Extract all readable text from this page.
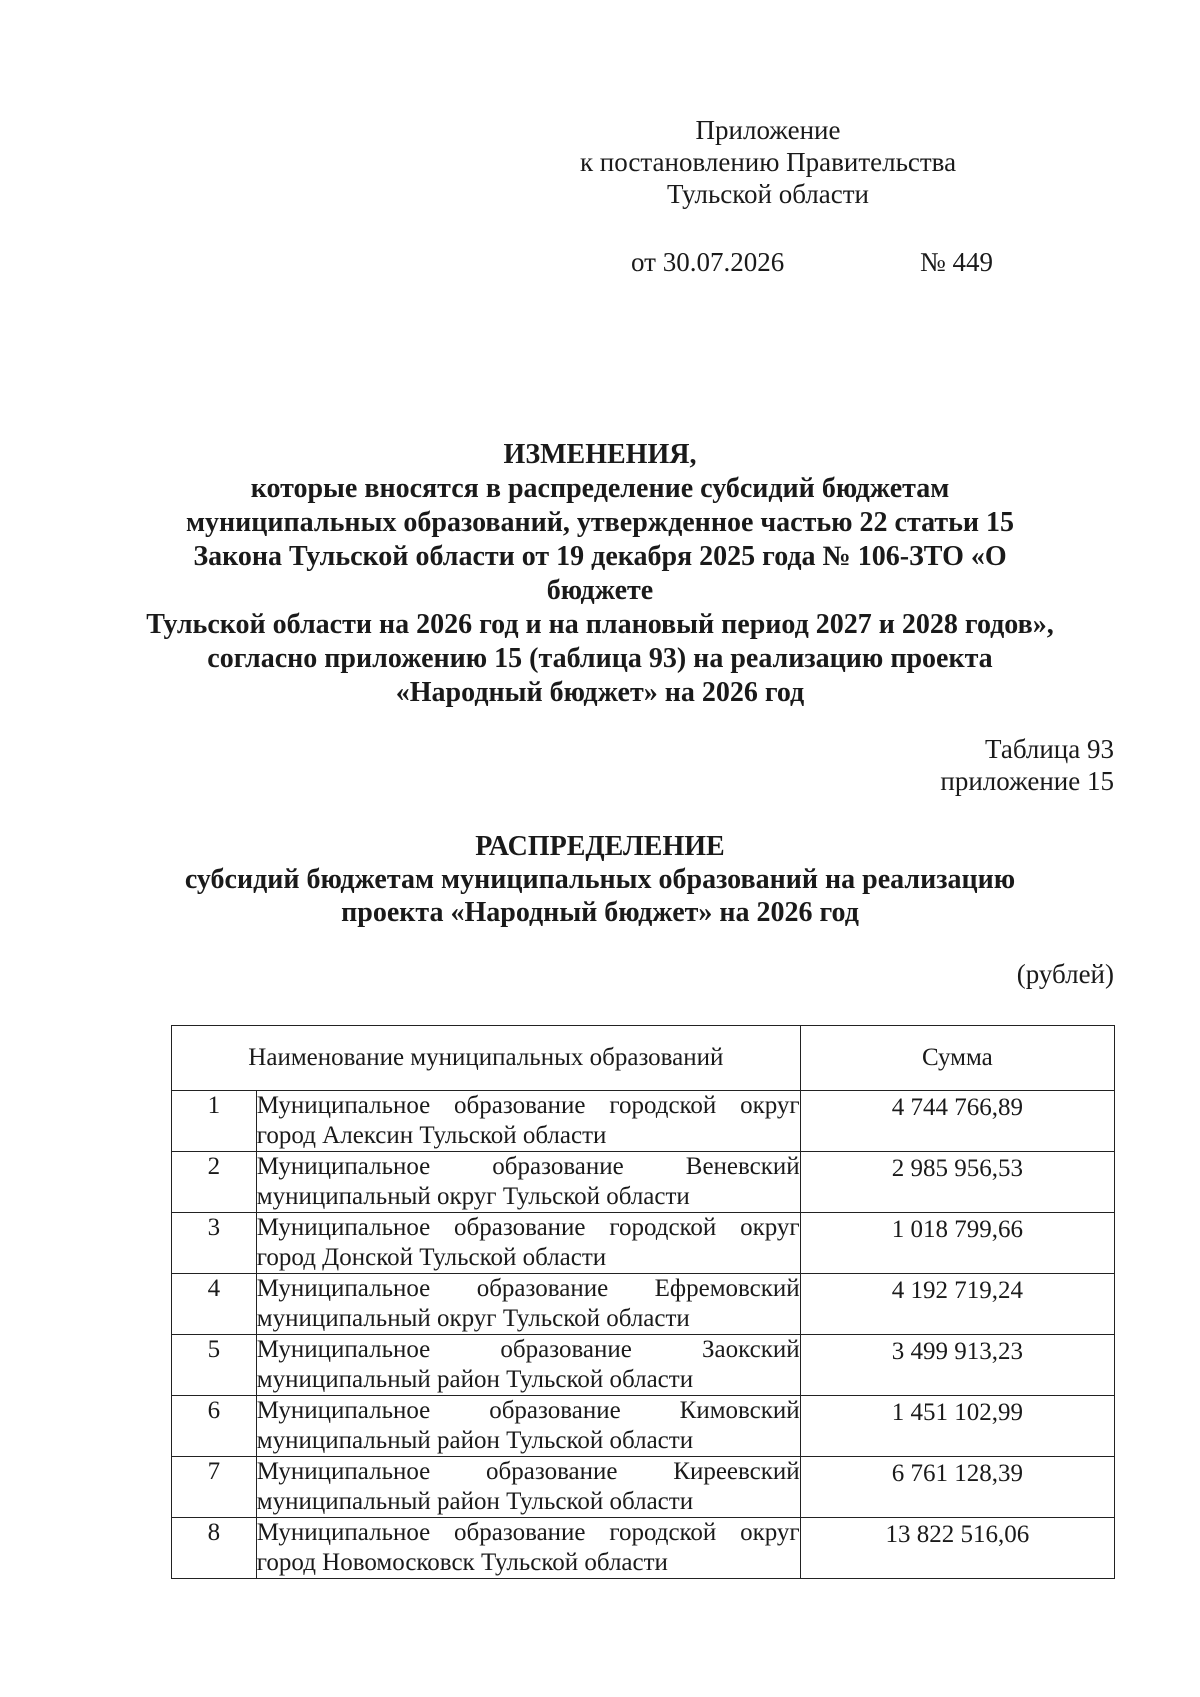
Приложение
к постановлению Правительства
Тульской области
от 30.07.2026	№ 449
ИЗМЕНЕНИЯ,
которые вносятся в распределение субсидий бюджетам
муниципальных образований, утвержденное частью 22 статьи 15
Закона Тульской области от 19 декабря 2025 года № 106-ЗТО «О бюджете
Тульской области на 2026 год и на плановый период 2027 и 2028 годов»,
согласно приложению 15 (таблица 93) на реализацию проекта
«Народный бюджет» на 2026 год
Таблица 93
приложение 15
РАСПРЕДЕЛЕНИЕ
субсидий бюджетам муниципальных образований на реализацию
проекта «Народный бюджет» на 2026 год
(рублей)
Наименование муниципальных образований		Сумма
1	Муниципальное образование городской округ город Алексин Тульской области	4 744 766,89
2	Муниципальное образование Веневский муниципальный округ Тульской области	2 985 956,53
3	Муниципальное образование городской округ город Донской Тульской области	1 018 799,66
4	Муниципальное образование Ефремовский муниципальный округ Тульской области	4 192 719,24
5	Муниципальное образование Заокский муниципальный район Тульской области	3 499 913,23
6	Муниципальное образование Кимовский муниципальный район Тульской области	1 451 102,99
7	Муниципальное образование Киреевский муниципальный район Тульской области	6 761 128,39
8	Муниципальное образование городской округ город Новомосковск Тульской области	13 822 516,06
